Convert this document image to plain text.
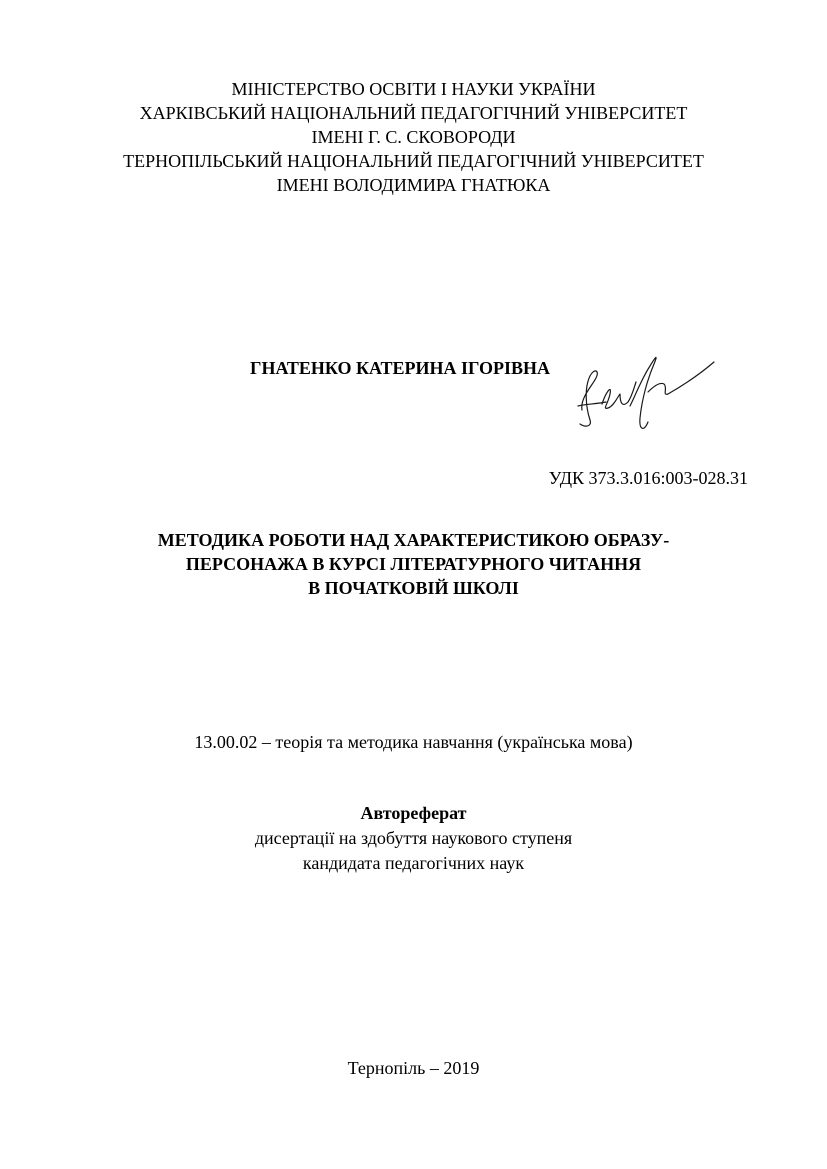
МІНІСТЕРСТВО ОСВІТИ І НАУКИ УКРАЇНИ
ХАРКІВСЬКИЙ НАЦІОНАЛЬНИЙ ПЕДАГОГІЧНИЙ УНІВЕРСИТЕТ
ІМЕНІ Г. С. СКОВОРОДИ
ТЕРНОПІЛЬСЬКИЙ НАЦІОНАЛЬНИЙ ПЕДАГОГІЧНИЙ УНІВЕРСИТЕТ
ІМЕНІ ВОЛОДИМИРА ГНАТЮКА
ГНАТЕНКО КАТЕРИНА ІГОРІВНА
УДК 373.3.016:003-028.31
МЕТОДИКА РОБОТИ НАД ХАРАКТЕРИСТИКОЮ ОБРАЗУ-
ПЕРСОНАЖА В КУРСІ ЛІТЕРАТУРНОГО ЧИТАННЯ
В ПОЧАТКОВІЙ ШКОЛІ
13.00.02 – теорія та методика навчання (українська мова)
Автореферат
дисертації на здобуття наукового ступеня
кандидата педагогічних наук
Тернопіль – 2019
